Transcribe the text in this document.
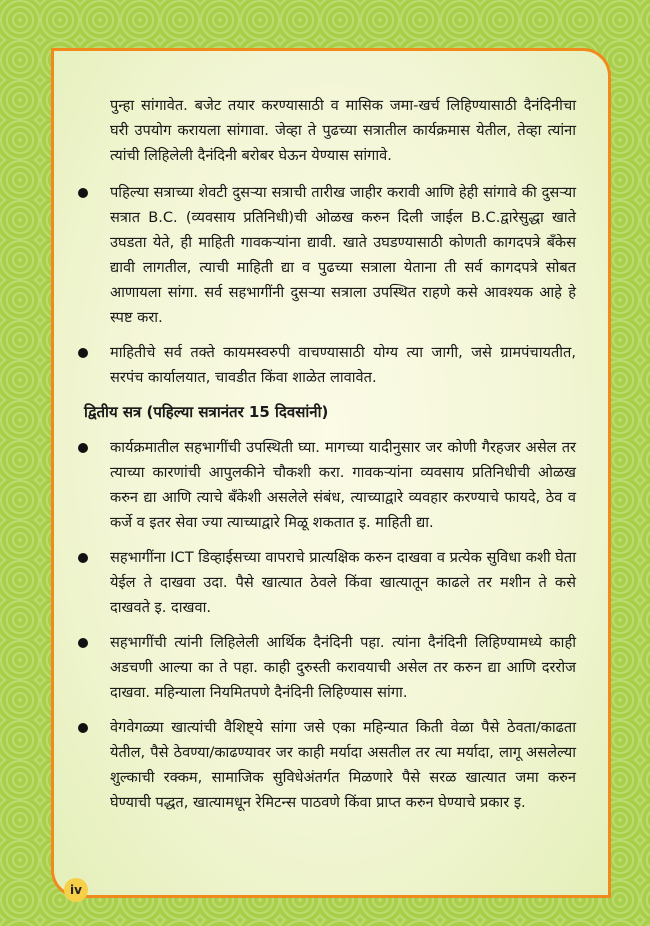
पुन्हा सांगावेत. बजेट तयार करण्यासाठी व मासिक जमा-खर्च लिहिण्यासाठी दैनंदिनीचा घरी उपयोग करायला सांगावा. जेव्हा ते पुढच्या सत्रातील कार्यक्रमास येतील, तेव्हा त्यांना त्यांची लिहिलेली दैनंदिनी बरोबर घेऊन येण्यास सांगावे.

पहिल्या सत्राच्या शेवटी दुसऱ्या सत्राची तारीख जाहीर करावी आणि हेही सांगावे की दुसऱ्या सत्रात B.C. (व्यवसाय प्रतिनिधी)ची ओळख करुन दिली जाईल B.C.द्वारेसुद्धा खाते उघडता येते, ही माहिती गावकऱ्यांना द्यावी. खाते उघडण्यासाठी कोणती कागदपत्रे बँकेस द्यावी लागतील, त्याची माहिती द्या व पुढच्या सत्राला येताना ती सर्व कागदपत्रे सोबत आणायला सांगा. सर्व सहभागींनी दुसऱ्या सत्राला उपस्थित राहणे कसे आवश्यक आहे हे स्पष्ट करा.
माहितीचे सर्व तक्ते कायमस्वरुपी वाचण्यासाठी योग्य त्या जागी, जसे ग्रामपंचायतीत, सरपंच कार्यालयात, चावडीत किंवा शाळेत लावावेत.
द्वितीय सत्र (पहिल्या सत्रानंतर 15 दिवसांनी)
कार्यक्रमातील सहभागींची उपस्थिती घ्या. मागच्या यादीनुसार जर कोणी गैरहजर असेल तर त्याच्या कारणांची आपुलकीने चौकशी करा. गावकऱ्यांना व्यवसाय प्रतिनिधीची ओळख करुन द्या आणि त्याचे बँकेशी असलेले संबंध, त्याच्याद्वारे व्यवहार करण्याचे फायदे, ठेव व कर्जे व इतर सेवा ज्या त्याच्याद्वारे मिळू शकतात इ. माहिती द्या.
सहभागींना ICT डिव्हाईसच्या वापराचे प्रात्यक्षिक करुन दाखवा व प्रत्येक सुविधा कशी घेता येईल ते दाखवा उदा. पैसे खात्यात ठेवले किंवा खात्यातून काढले तर मशीन ते कसे दाखवते इ. दाखवा.
सहभागींची त्यांनी लिहिलेली आर्थिक दैनंदिनी पहा. त्यांना दैनंदिनी लिहिण्यामध्ये काही अडचणी आल्या का ते पहा. काही दुरुस्ती करावयाची असेल तर करुन द्या आणि दररोज दाखवा. महिन्याला नियमितपणे दैनंदिनी लिहिण्यास सांगा.
वेगवेगळ्या खात्यांची वैशिष्ट्ये सांगा जसे एका महिन्यात किती वेळा पैसे ठेवता/काढता येतील, पैसे ठेवण्या/काढण्यावर जर काही मर्यादा असतील तर त्या मर्यादा, लागू असलेल्या शुल्काची रक्कम, सामाजिक सुविधेअंतर्गत मिळणारे पैसे सरळ खात्यात जमा करुन घेण्याची पद्धत, खात्यामधून रेमिटन्स पाठवणे किंवा प्राप्त करुन घेण्याचे प्रकार इ.
iv
